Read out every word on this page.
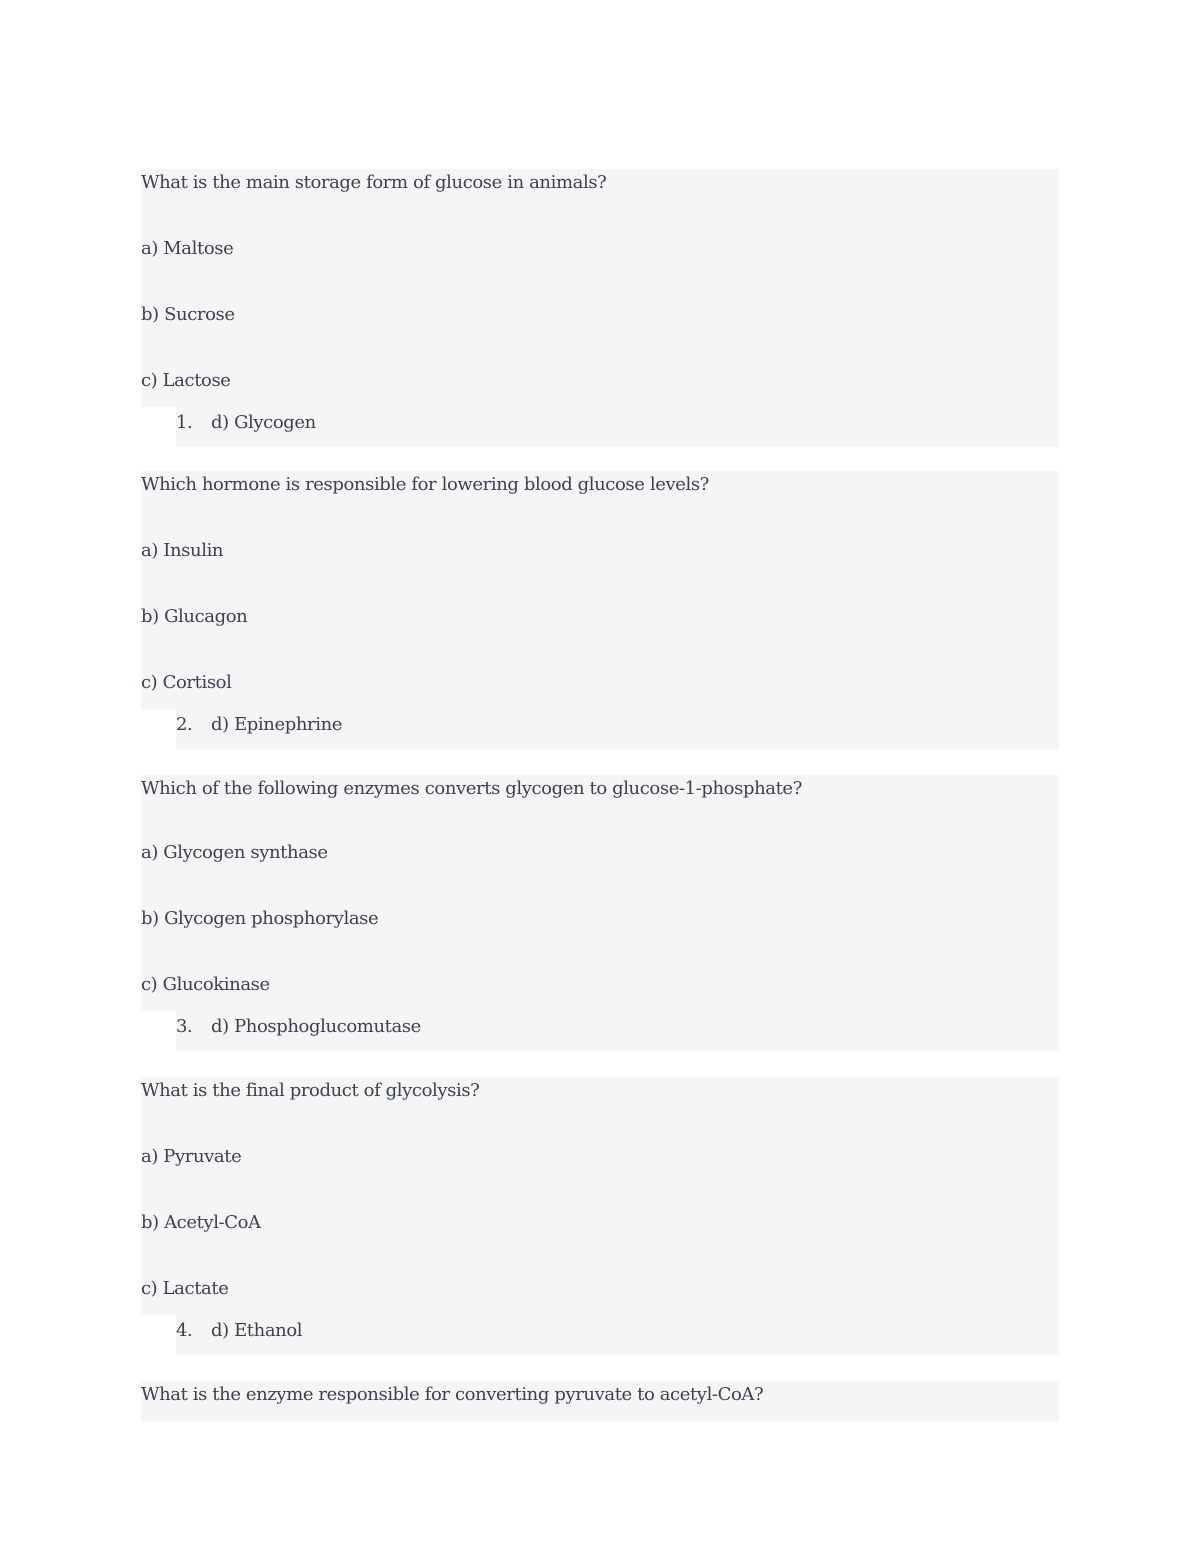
What is the main storage form of glucose in animals?
a) Maltose
b) Sucrose
c) Lactose
1.	d) Glycogen
Which hormone is responsible for lowering blood glucose levels?
a) Insulin
b) Glucagon
c) Cortisol
2.	d) Epinephrine
Which of the following enzymes converts glycogen to glucose-1-phosphate?
a) Glycogen synthase
b) Glycogen phosphorylase
c) Glucokinase
3.	d) Phosphoglucomutase
What is the final product of glycolysis?
a) Pyruvate
b) Acetyl-CoA
c) Lactate
4.	d) Ethanol
What is the enzyme responsible for converting pyruvate to acetyl-CoA?
